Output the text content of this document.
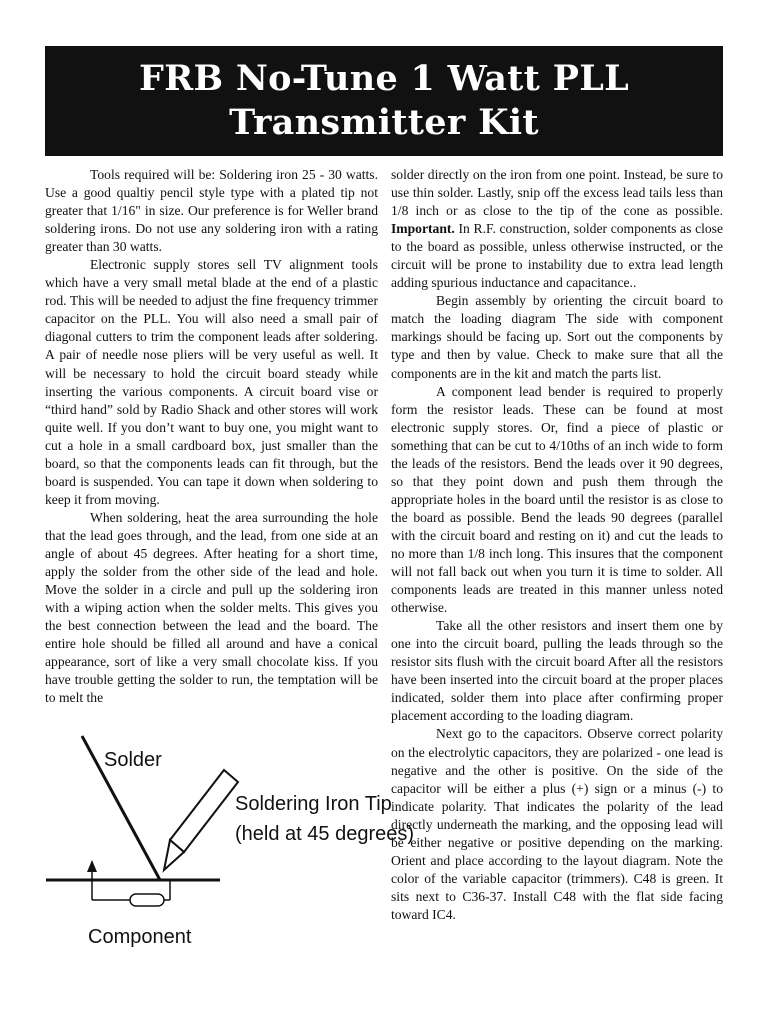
FRB No-Tune 1 Watt PLL
Transmitter Kit

Tools required will be: Soldering iron 25 - 30 watts. Use a good qualtiy pencil style type with a plated tip not greater that 1/16" in size. Our preference is for Weller brand soldering irons. Do not use any soldering iron with a rating greater than 30 watts.

Electronic supply stores sell TV alignment tools which have a very small metal blade at the end of a plastic rod. This will be needed to adjust the fine frequency trimmer capacitor on the PLL. You will also need a small pair of diagonal cutters to trim the component leads after soldering. A pair of needle nose pliers will be very useful as well. It will be necessary to hold the circuit board steady while inserting the various components. A circuit board vise or “third hand” sold by Radio Shack and other stores will work quite well. If you don’t want to buy one, you might want to cut a hole in a small cardboard box, just smaller than the board, so that the components leads can fit through, but the board is suspended. You can tape it down when soldering to keep it from moving.

When soldering, heat the area surrounding the hole that the lead goes through, and the lead, from one side at an angle of about 45 degrees. After heating for a short time, apply the solder from the other side of the lead and hole. Move the solder in a circle and pull up the soldering iron with a wiping action when the solder melts. This gives you the best connection between the lead and the board. The entire hole should be filled all around and have a conical appearance, sort of like a very small chocolate kiss. If you have trouble getting the solder to run, the temptation will be to melt the

Solder
Soldering Iron Tip
(held at 45 degrees)
Component

solder directly on the iron from one point. Instead, be sure to use thin solder. Lastly, snip off the excess lead tails less than 1/8 inch or as close to the tip of the cone as possible. Important. In R.F. construction, solder components as close to the board as possible, unless otherwise instructed, or the circuit will be prone to instability due to extra lead length adding spurious inductance and capacitance..

Begin assembly by orienting the circuit board to match the loading diagram The side with component markings should be facing up. Sort out the components by type and then by value. Check to make sure that all the components are in the kit and match the parts list.

A component lead bender is required to properly form the resistor leads. These can be found at most electronic supply stores. Or, find a piece of plastic or something that can be cut to 4/10ths of an inch wide to form the leads of the resistors. Bend the leads over it 90 degrees, so that they point down and push them through the appropriate holes in the board until the resistor is as close to the board as possible. Bend the leads 90 degrees (parallel with the circuit board and resting on it) and cut the leads to no more than 1/8 inch long. This insures that the component will not fall back out when you turn it is time to solder. All components leads are treated in this manner unless noted otherwise.

Take all the other resistors and insert them one by one into the circuit board, pulling the leads through so the resistor sits flush with the circuit board After all the resistors have been inserted into the circuit board at the proper places indicated, solder them into place after confirming proper placement according to the loading diagram.

Next go to the capacitors. Observe correct polarity on the electrolytic capacitors, they are polarized - one lead is negative and the other is positive. On the side of the capacitor will be either a plus (+) sign or a minus (-) to indicate polarity. That indicates the polarity of the lead directly underneath the marking, and the opposing lead will be either negative or positive depending on the marking. Orient and place according to the layout diagram. Note the color of the variable capacitor (trimmers). C48 is green. It sits next to C36-37. Install C48 with the flat side facing toward IC4.
